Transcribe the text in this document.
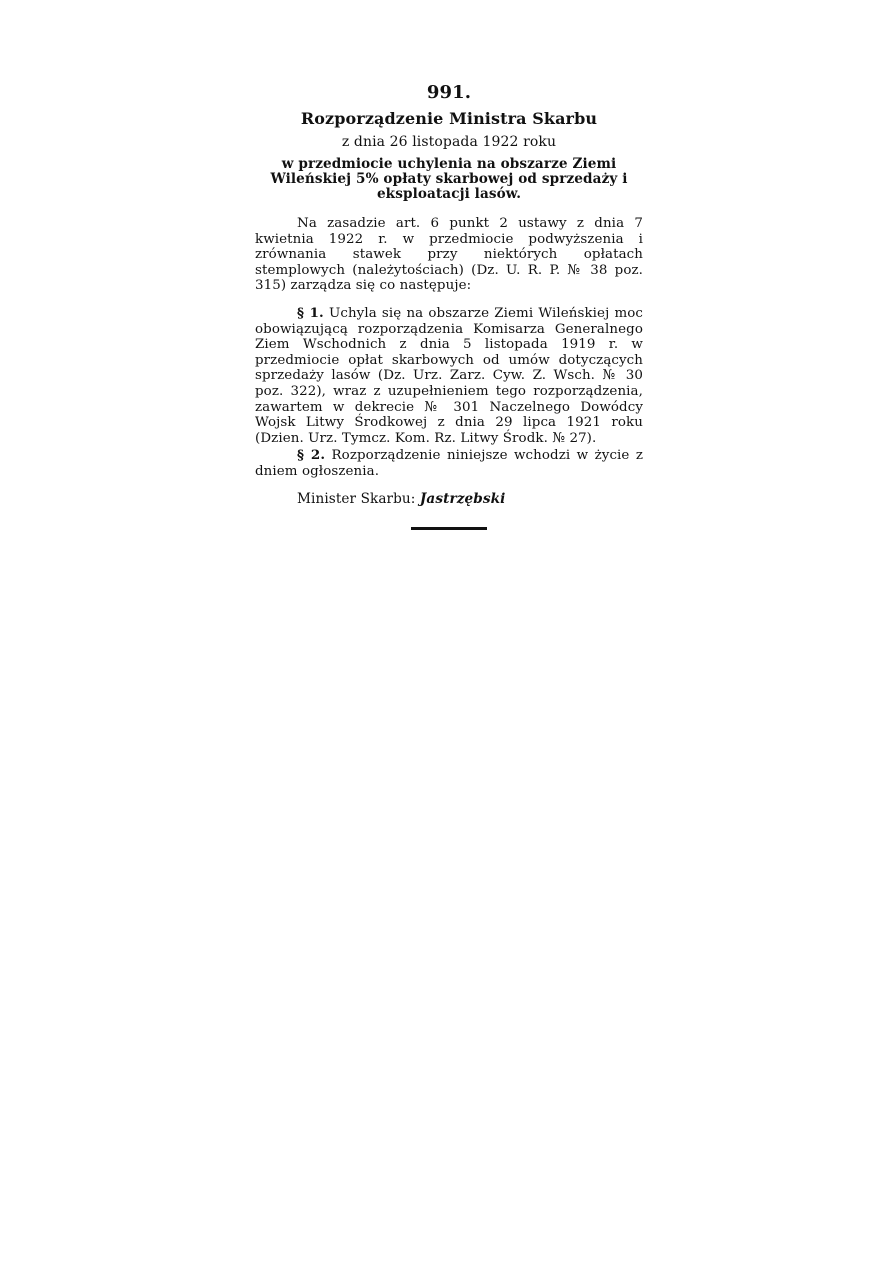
991.
Rozporządzenie Ministra Skarbu
z dnia 26 listopada 1922 roku
w przedmiocie uchylenia na obszarze Ziemi Wileńskiej 5% opłaty skarbowej od sprzedaży i eksploatacji lasów.

Na zasadzie art. 6 punkt 2 ustawy z dnia 7 kwietnia 1922 r. w przedmiocie podwyższenia i zrównania stawek przy niektórych opłatach stemplowych (należytościach) (Dz. U. R. P. № 38 poz. 315) zarządza się co następuje:

§ 1. Uchyla się na obszarze Ziemi Wileńskiej moc obowiązującą rozporządzenia Komisarza Generalnego Ziem Wschodnich z dnia 5 listopada 1919 r. w przedmiocie opłat skarbowych od umów dotyczących sprzedaży lasów (Dz. Urz. Zarz. Cyw. Z. Wsch. № 30 poz. 322), wraz z uzupełnieniem tego rozporządzenia, zawartem w dekrecie № 301 Naczelnego Dowódcy Wojsk Litwy Środkowej z dnia 29 lipca 1921 roku (Dzien. Urz. Tymcz. Kom. Rz. Litwy Środk. № 27).

§ 2. Rozporządzenie niniejsze wchodzi w życie z dniem ogłoszenia.

Minister Skarbu: Jastrzębski
